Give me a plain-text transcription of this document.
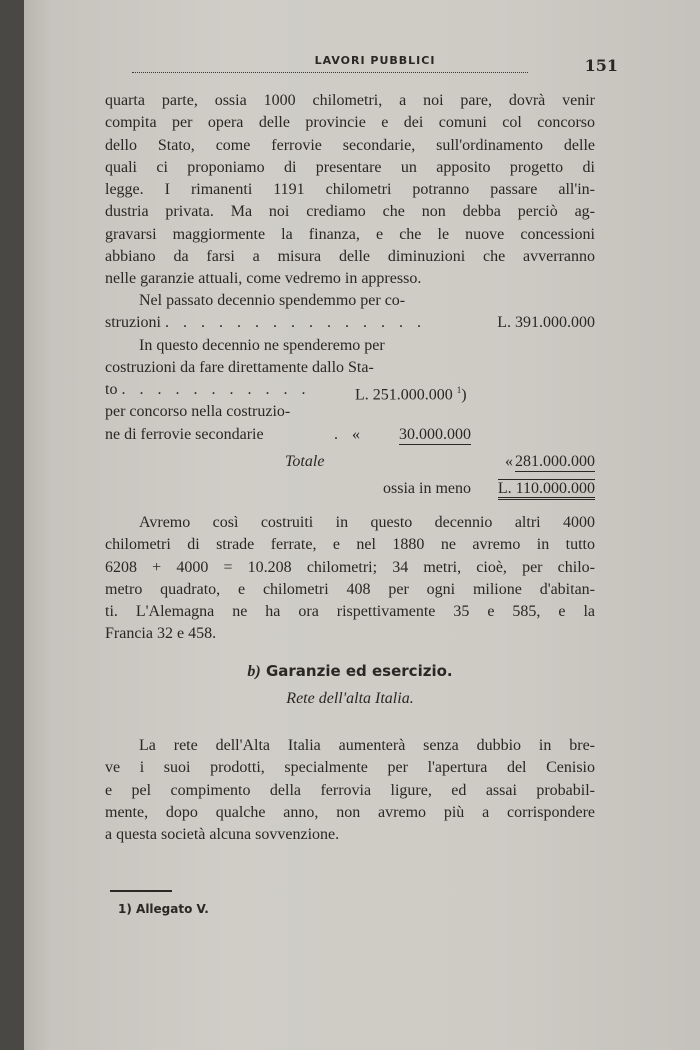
LAVORI PUBBLICI	151
quarta parte, ossia 1000 chilometri, a noi pare, dovrà venir
compita per opera delle provincie e dei comuni col concorso
dello Stato, come ferrovie secondarie, sull'ordinamento delle
quali ci proponiamo di presentare un apposito progetto di
legge. I rimanenti 1191 chilometri potranno passare all'in-
dustria privata. Ma noi crediamo che non debba perciò ag-
gravarsi maggiormente la finanza, e che le nuove concessioni
abbiano da farsi a misura delle diminuzioni che avverranno
nelle garanzie attuali, come vedremo in appresso.
Nel passato decennio spendemmo per co-
struzioni . . . . . . . . . . . . . . .	L. 391.000.000
In questo decennio ne spenderemo per
costruzioni da fare direttamente dallo Sta-
to . . . . . . . . . . .	L. 251.000.000 $^1$)
per concorso nella costruzio-
ne di ferrovie secondarie	. « 30.000.000
Totale	« 281.000.000
ossia in meno L. 110.000.000
Avremo così costruiti in questo decennio altri 4000
chilometri di strade ferrate, e nel 1880 ne avremo in tutto
6208 + 4000 = 10.208 chilometri; 34 metri, cioè, per chilo-
metro quadrato, e chilometri 408 per ogni milione d'abitan-
ti. L'Alemagna ne ha ora rispettivamente 35 e 585, e la
Francia 32 e 458.
b) Garanzie ed esercizio.
Rete dell'alta Italia.
La rete dell'Alta Italia aumenterà senza dubbio in bre-
ve i suoi prodotti, specialmente per l'apertura del Cenisio
e pel compimento della ferrovia ligure, ed assai probabil-
mente, dopo qualche anno, non avremo più a corrispondere
a questa società alcuna sovvenzione.
1) Allegato V.
